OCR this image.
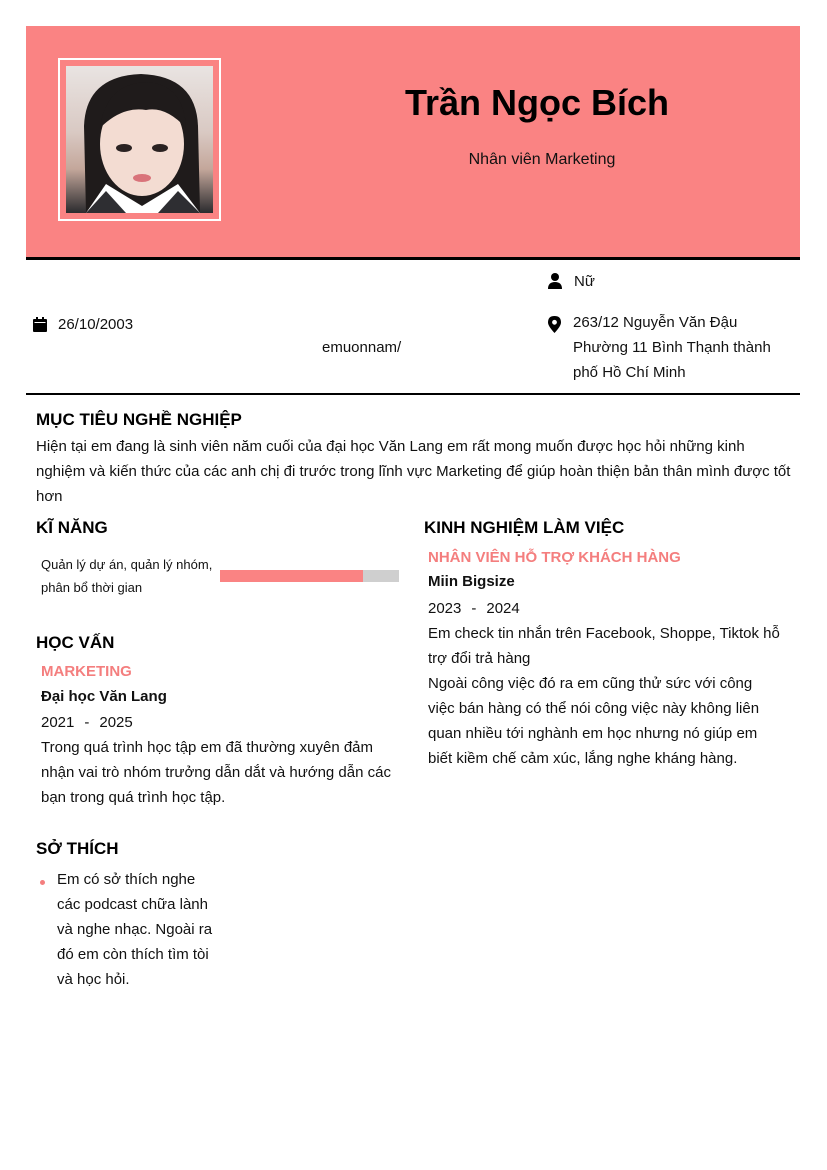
Trần Ngọc Bích
Nhân viên Marketing
Nữ
26/10/2003
emuonnam/
263/12 Nguyễn Văn Đậu Phường 11 Bình Thạnh thành phố Hồ Chí Minh
MỤC TIÊU NGHỀ NGHIỆP
Hiện tại em đang là sinh viên năm cuối của đại học Văn Lang em rất mong muốn được học hỏi những kinh nghiệm và kiến thức của các anh chị đi trước trong lĩnh vực Marketing để giúp hoàn thiện bản thân mình được tốt hơn
KĨ NĂNG
Quản lý dự án, quản lý nhóm, phân bổ thời gian
HỌC VẤN
MARKETING
Đại học Văn Lang
2021 - 2025
Trong quá trình học tập em đã thường xuyên đảm nhận vai trò nhóm trưởng dẫn dắt và hướng dẫn các bạn trong quá trình học tập.
SỞ THÍCH
Em có sở thích nghe các podcast chữa lành và nghe nhạc. Ngoài ra đó em còn thích tìm tòi và học hỏi.
KINH NGHIỆM LÀM VIỆC
NHÂN VIÊN HỖ TRỢ KHÁCH HÀNG
Miin Bigsize
2023 - 2024
Em check tin nhắn trên Facebook, Shoppe, Tiktok hỗ trợ đổi trả hàng
Ngoài công việc đó ra em cũng thử sức với công việc bán hàng có thể nói công việc này không liên quan nhiều tới nghành em học nhưng nó giúp em biết kiềm chế cảm xúc, lắng nghe kháng hàng.
